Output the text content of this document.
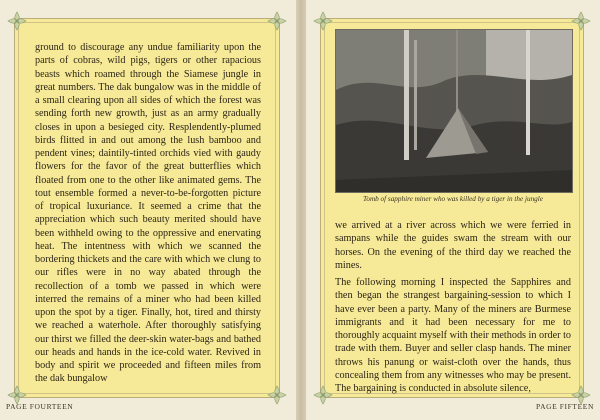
ground to discourage any undue familiarity upon the parts of cobras, wild pigs, tigers or other rapacious beasts which roamed through the Siamese jungle in great numbers. The dak bungalow was in the middle of a small clearing upon all sides of which the forest was sending forth new growth, just as an army gradually closes in upon a besieged city. Resplendently-plumed birds flitted in and out among the lush bamboo and pendent vines; daintily-tinted orchids vied with gaudy flowers for the favor of the great butterflies which floated from one to the other like animated gems. The tout ensemble formed a never-to-be-forgotten picture of tropical luxuriance. It seemed a crime that the appreciation which such beauty merited should have been withheld owing to the oppressive and enervating heat. The intentness with which we scanned the bordering thickets and the care with which we clung to our rifles were in no way abated through the recollection of a tomb we passed in which were interred the remains of a miner who had been killed upon the spot by a tiger. Finally, hot, tired and thirsty we reached a waterhole. After thoroughly satisfying our thirst we filled the deer-skin water-bags and bathed our heads and hands in the ice-cold water. Revived in body and spirit we proceeded and fifteen miles from the dak bungalow

PAGE FOURTEEN
Tomb of sapphire miner who was killed by a tiger in the jungle

we arrived at a river across which we were ferried in sampans while the guides swam the stream with our horses. On the evening of the third day we reached the mines.

The following morning I inspected the Sapphires and then began the strangest bargaining-session to which I have ever been a party. Many of the miners are Burmese immigrants and it had been necessary for me to thoroughly acquaint myself with their methods in order to trade with them. Buyer and seller clasp hands. The miner throws his panung or waist-cloth over the hands, thus concealing them from any witnesses who may be present. The bargaining is conducted in absolute silence,

PAGE FIFTEEN
